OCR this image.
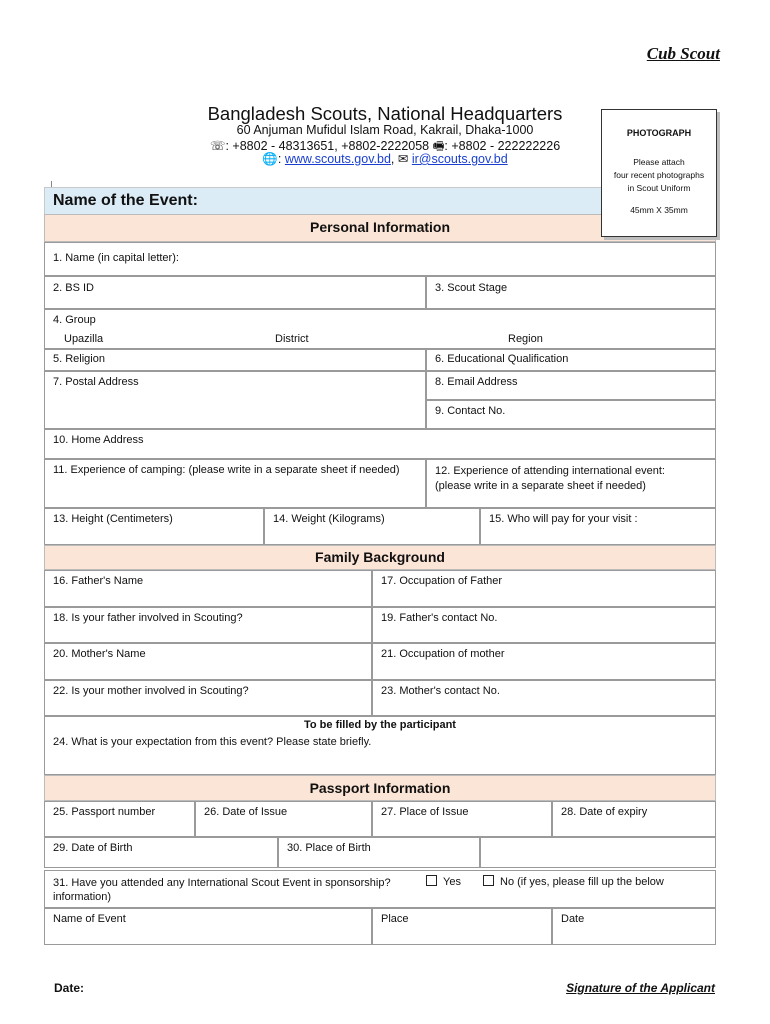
Cub Scout
Bangladesh Scouts, National Headquarters
60 Anjuman Mufidul Islam Road, Kakrail, Dhaka-1000
☏: +8802 - 48313651, +8802-2222058 🖷: +8802 - 222222226
🌐: www.scouts.gov.bd, ✉ ir@scouts.gov.bd
PHOTOGRAPH
Please attach
four recent photographs
in Scout Uniform
45mm X 35mm
Name of the Event:
Personal Information
1. Name (in capital letter):
2. BS ID	3. Scout Stage
4. Group
Upazilla	District	Region
5. Religion	6. Educational Qualification
7. Postal Address	8. Email Address
9. Contact No.
10. Home Address
11. Experience of camping: (please write in a separate sheet if needed)	12. Experience of attending international event:
(please write in a separate sheet if needed)
13. Height (Centimeters)	14. Weight (Kilograms)	15. Who will pay for your visit :
Family Background
16. Father's Name	17. Occupation of Father
18. Is your father involved in Scouting?	19. Father's contact No.
20. Mother's Name	21. Occupation of mother
22. Is your mother involved in Scouting?	23. Mother's contact No.
24. What is your expectation from this event? Please state briefly.
To be filled by the participant
Passport Information
25. Passport number	26. Date of Issue	27. Place of Issue	28. Date of expiry
29. Date of Birth	30. Place of Birth
31. Have you attended any International Scout Event in sponsorship?
information)
Yes	No (if yes, please fill up the below
Name of Event	Place	Date
Date:	Signature of the Applicant
